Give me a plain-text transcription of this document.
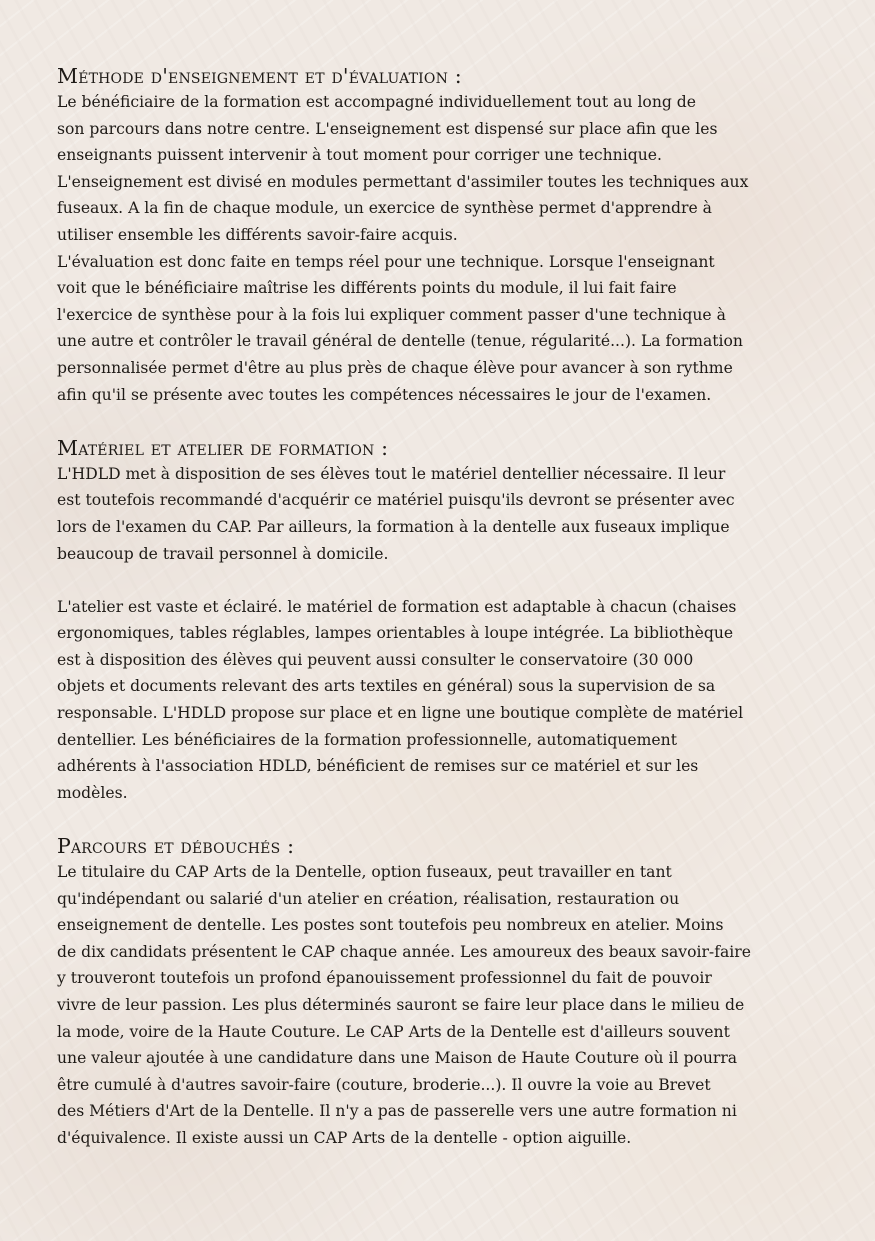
Méthode d'enseignement et d'évaluation :

Le bénéficiaire de la formation est accompagné individuellement tout au long de
son parcours dans notre centre. L'enseignement est dispensé sur place afin que les
enseignants puissent intervenir à tout moment pour corriger une technique.
L'enseignement est divisé en modules permettant d'assimiler toutes les techniques aux
fuseaux. A la fin de chaque module, un exercice de synthèse permet d'apprendre à
utiliser ensemble les différents savoir-faire acquis.
L'évaluation est donc faite en temps réel pour une technique. Lorsque l'enseignant
voit que le bénéficiaire maîtrise les différents points du module, il lui fait faire
l'exercice de synthèse pour à la fois lui expliquer comment passer d'une technique à
une autre et contrôler le travail général de dentelle (tenue, régularité...). La formation
personnalisée permet d'être au plus près de chaque élève pour avancer à son rythme
afin qu'il se présente avec toutes les compétences nécessaires le jour de l'examen.

Matériel et atelier de formation :

L'HDLD met à disposition de ses élèves tout le matériel dentellier nécessaire. Il leur
est toutefois recommandé d'acquérir ce matériel puisqu'ils devront se présenter avec
lors de l'examen du CAP. Par ailleurs, la formation à la dentelle aux fuseaux implique
beaucoup de travail personnel à domicile.

L'atelier est vaste et éclairé. le matériel de formation est adaptable à chacun (chaises
ergonomiques, tables réglables, lampes orientables à loupe intégrée. La bibliothèque
est à disposition des élèves qui peuvent aussi consulter le conservatoire (30 000
objets et documents relevant des arts textiles en général) sous la supervision de sa
responsable. L'HDLD propose sur place et en ligne une boutique complète de matériel
dentellier. Les bénéficiaires de la formation professionnelle, automatiquement
adhérents à l'association HDLD, bénéficient de remises sur ce matériel et sur les
modèles.

Parcours et débouchés :

Le titulaire du CAP Arts de la Dentelle, option fuseaux, peut travailler en tant
qu'indépendant ou salarié d'un atelier en création, réalisation, restauration ou
enseignement de dentelle. Les postes sont toutefois peu nombreux en atelier. Moins
de dix candidats présentent le CAP chaque année. Les amoureux des beaux savoir-faire
y trouveront toutefois un profond épanouissement professionnel du fait de pouvoir
vivre de leur passion. Les plus déterminés sauront se faire leur place dans le milieu de
la mode, voire de la Haute Couture. Le CAP Arts de la Dentelle est d'ailleurs souvent
une valeur ajoutée à une candidature dans une Maison de Haute Couture où il pourra
être cumulé à d'autres savoir-faire (couture, broderie...). Il ouvre la voie au Brevet
des Métiers d'Art de la Dentelle. Il n'y a pas de passerelle vers une autre formation ni
d'équivalence. Il existe aussi un CAP Arts de la dentelle - option aiguille.
